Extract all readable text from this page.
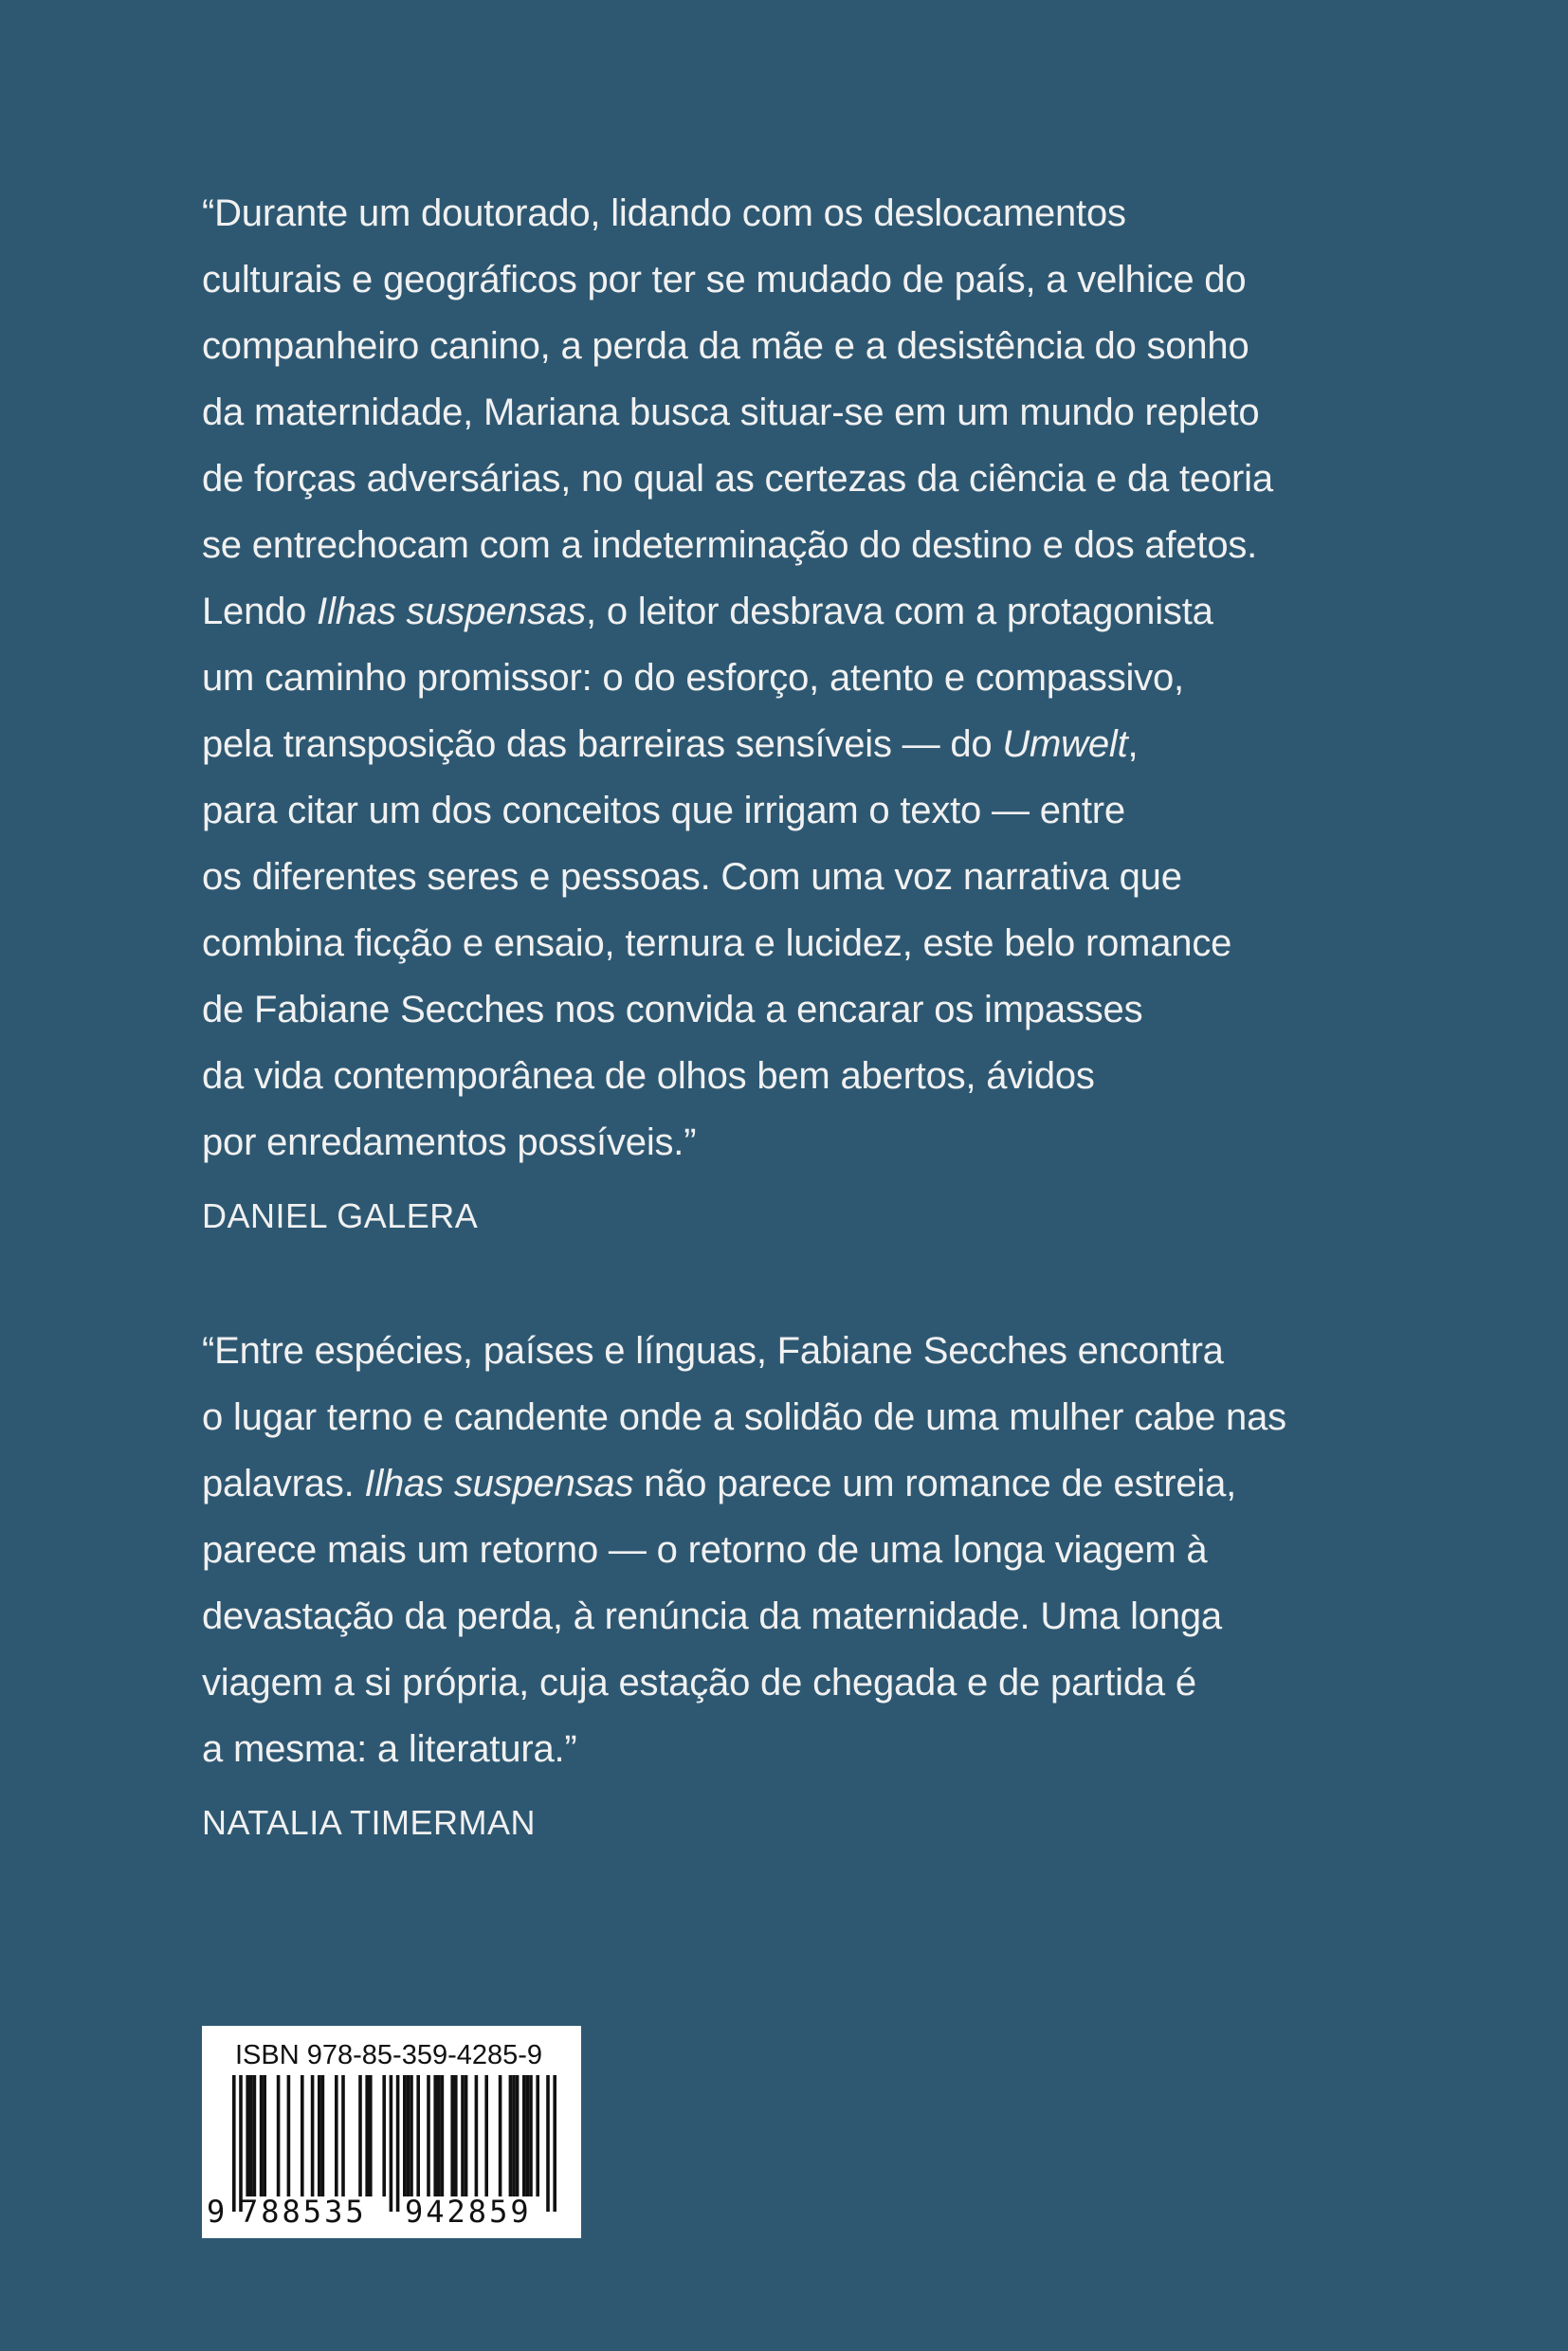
“Durante um doutorado, lidando com os deslocamentos
culturais e geográficos por ter se mudado de país, a velhice do
companheiro canino, a perda da mãe e a desistência do sonho
da maternidade, Mariana busca situar-se em um mundo repleto
de forças adversárias, no qual as certezas da ciência e da teoria
se entrechocam com a indeterminação do destino e dos afetos.
Lendo Ilhas suspensas, o leitor desbrava com a protagonista
um caminho promissor: o do esforço, atento e compassivo,
pela transposição das barreiras sensíveis — do Umwelt,
para citar um dos conceitos que irrigam o texto — entre
os diferentes seres e pessoas. Com uma voz narrativa que
combina ficção e ensaio, ternura e lucidez, este belo romance
de Fabiane Secches nos convida a encarar os impasses
da vida contemporânea de olhos bem abertos, ávidos
por enredamentos possíveis.”
DANIEL GALERA
“Entre espécies, países e línguas, Fabiane Secches encontra
o lugar terno e candente onde a solidão de uma mulher cabe nas
palavras. Ilhas suspensas não parece um romance de estreia,
parece mais um retorno — o retorno de uma longa viagem à
devastação da perda, à renúncia da maternidade. Uma longa
viagem a si própria, cuja estação de chegada e de partida é
a mesma: a literatura.”
NATALIA TIMERMAN
ISBN 978-85-359-4285-9
9 788535 942859
